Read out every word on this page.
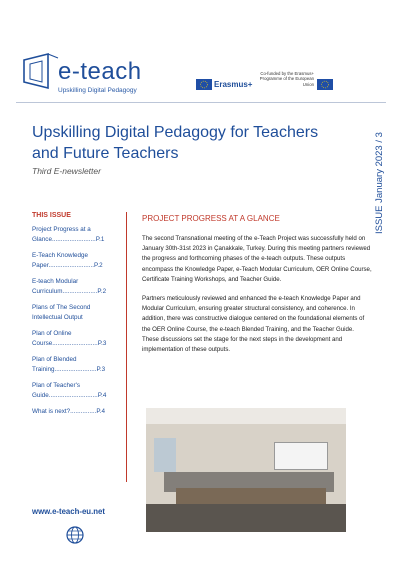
e-teach
Upskilling Digital Pedagogy
Erasmus+
Co-funded by the Erasmus+ Programme of the European Union
Upskilling Digital Pedagogy for Teachers and Future Teachers
Third E-newsletter	ISSUE January 2023 / 3
THIS ISSUE
Project Progress at a Glance.........................P.1
E-Teach Knowledge Paper..........................P.2
E-teach Modular Curriculum....................P.2
Plans of The Second Intellectual Output
Plan of Online Course..........................P.3
Plan of Blended Training........................P.3
Plan of Teacher's Guide............................P.4
What is next?...............P.4
PROJECT PROGRESS AT A GLANCE
The second Transnational meeting of the e-Teach Project was successfully held on January 30th-31st 2023 in Çanakkale, Turkey. During this meeting partners reviewed the progress and forthcoming phases of the e-teach outputs. These outputs encompass the Knowledge Paper, e-Teach Modular Curriculum, OER Online Course, Certificate Training Workshops, and Teacher Guide.
Partners meticulously reviewed and enhanced the e-teach Knowledge Paper and Modular Curriculum, ensuring greater structural consistency, and coherence. In addition, there was constructive dialogue centered on the foundational elements of the OER Online Course, the e-teach Blended Training, and the Teacher Guide. These discussions set the stage for the next steps in the development and implementation of these outputs.
www.e-teach-eu.net
